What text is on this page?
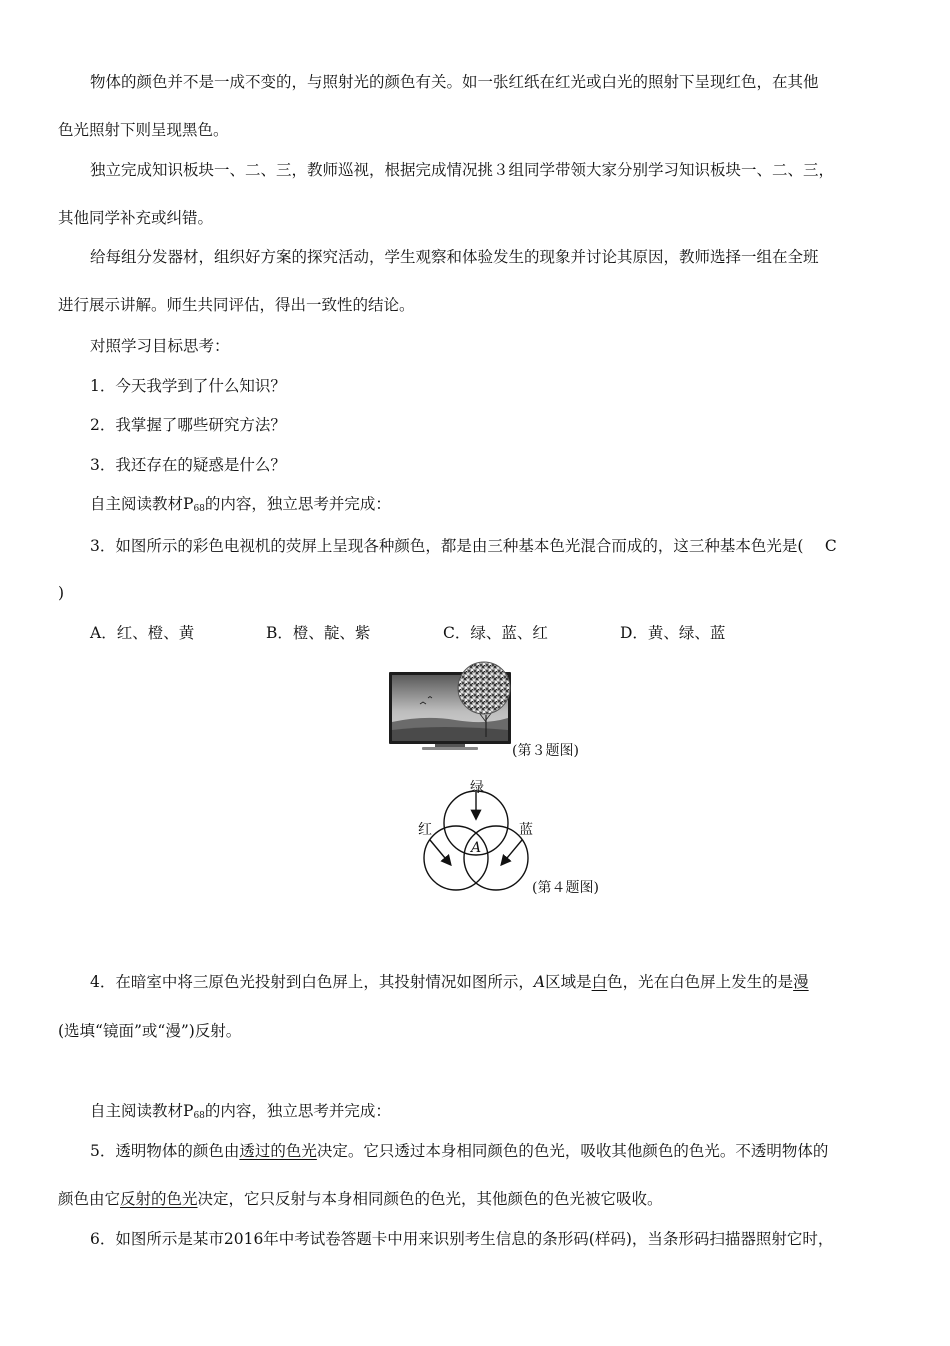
物体的颜色并不是一成不变的，与照射光的颜色有关。如一张红纸在红光或白光的照射下呈现红色，在其他
色光照射下则呈现黑色。
独立完成知识板块一、二、三，教师巡视，根据完成情况挑３组同学带领大家分别学习知识板块一、二、三，
其他同学补充或纠错。
给每组分发器材，组织好方案的探究活动，学生观察和体验发生的现象并讨论其原因，教师选择一组在全班
进行展示讲解。师生共同评估，得出一致性的结论。
对照学习目标思考：
1．今天我学到了什么知识？
2．我掌握了哪些研究方法？
3．我还存在的疑惑是什么？
自主阅读教材$P_{68}$的内容，独立思考并完成：
3．如图所示的彩色电视机的荧屏上呈现各种颜色，都是由三种基本色光混合而成的，这三种基本色光是(　C
)
A．红、橙、黄	B．橙、靛、紫	C．绿、蓝、红	D．黄、绿、蓝
(第３题图)
绿
红	蓝
A
(第４题图)
4．在暗室中将三原色光投射到白色屏上，其投射情况如图所示，A区域是白色，光在白色屏上发生的是漫
(选填“镜面”或“漫”)反射。
自主阅读教材$P_{68}$的内容，独立思考并完成：
5．透明物体的颜色由透过的色光决定。它只透过本身相同颜色的色光，吸收其他颜色的色光。不透明物体的
颜色由它反射的色光决定，它只反射与本身相同颜色的色光，其他颜色的色光被它吸收。
6．如图所示是某市2016年中考试卷答题卡中用来识别考生信息的条形码(样码)，当条形码扫描器照射它时，
